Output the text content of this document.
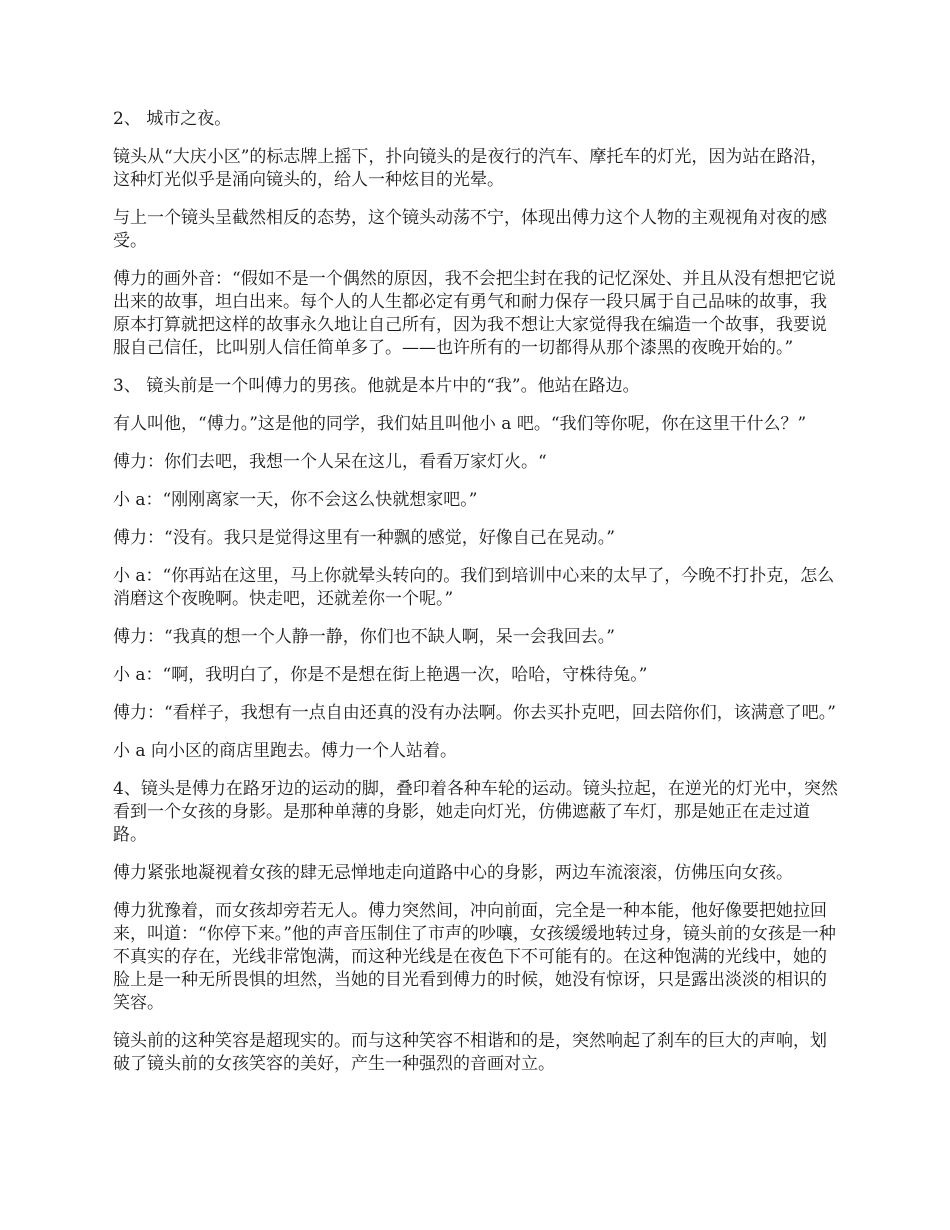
2、 城市之夜。

镜头从“大庆小区”的标志牌上摇下，扑向镜头的是夜行的汽车、摩托车的灯光，因为站在路沿，这种灯光似乎是涌向镜头的，给人一种炫目的光晕。

与上一个镜头呈截然相反的态势，这个镜头动荡不宁，体现出傅力这个人物的主观视角对夜的感受。

傅力的画外音：“假如不是一个偶然的原因，我不会把尘封在我的记忆深处、并且从没有想把它说出来的故事，坦白出来。每个人的人生都必定有勇气和耐力保存一段只属于自己品味的故事，我原本打算就把这样的故事永久地让自己所有，因为我不想让大家觉得我在编造一个故事，我要说服自己信任，比叫别人信任简单多了。——也许所有的一切都得从那个漆黑的夜晚开始的。”

3、 镜头前是一个叫傅力的男孩。他就是本片中的“我”。他站在路边。

有人叫他，“傅力。”这是他的同学，我们姑且叫他小 a 吧。“我们等你呢，你在这里干什么？”

傅力：你们去吧，我想一个人呆在这儿，看看万家灯火。“

小 a：“刚刚离家一天，你不会这么快就想家吧。”

傅力：“没有。我只是觉得这里有一种飘的感觉，好像自己在晃动。”

小 a：“你再站在这里，马上你就晕头转向的。我们到培训中心来的太早了，今晚不打扑克，怎么消磨这个夜晚啊。快走吧，还就差你一个呢。”

傅力：“我真的想一个人静一静，你们也不缺人啊，呆一会我回去。”

小 a：“啊，我明白了，你是不是想在街上艳遇一次，哈哈，守株待兔。”

傅力：“看样子，我想有一点自由还真的没有办法啊。你去买扑克吧，回去陪你们，该满意了吧。”

小 a 向小区的商店里跑去。傅力一个人站着。

4、镜头是傅力在路牙边的运动的脚，叠印着各种车轮的运动。镜头拉起，在逆光的灯光中，突然看到一个女孩的身影。是那种单薄的身影，她走向灯光，仿佛遮蔽了车灯，那是她正在走过道路。

傅力紧张地凝视着女孩的肆无忌惮地走向道路中心的身影，两边车流滚滚，仿佛压向女孩。

傅力犹豫着，而女孩却旁若无人。傅力突然间，冲向前面，完全是一种本能，他好像要把她拉回来，叫道：“你停下来。”他的声音压制住了市声的吵嚷，女孩缓缓地转过身，镜头前的女孩是一种不真实的存在，光线非常饱满，而这种光线是在夜色下不可能有的。在这种饱满的光线中，她的脸上是一种无所畏惧的坦然，当她的目光看到傅力的时候，她没有惊讶，只是露出淡淡的相识的笑容。

镜头前的这种笑容是超现实的。而与这种笑容不相谐和的是，突然响起了刹车的巨大的声响，划破了镜头前的女孩笑容的美好，产生一种强烈的音画对立。
